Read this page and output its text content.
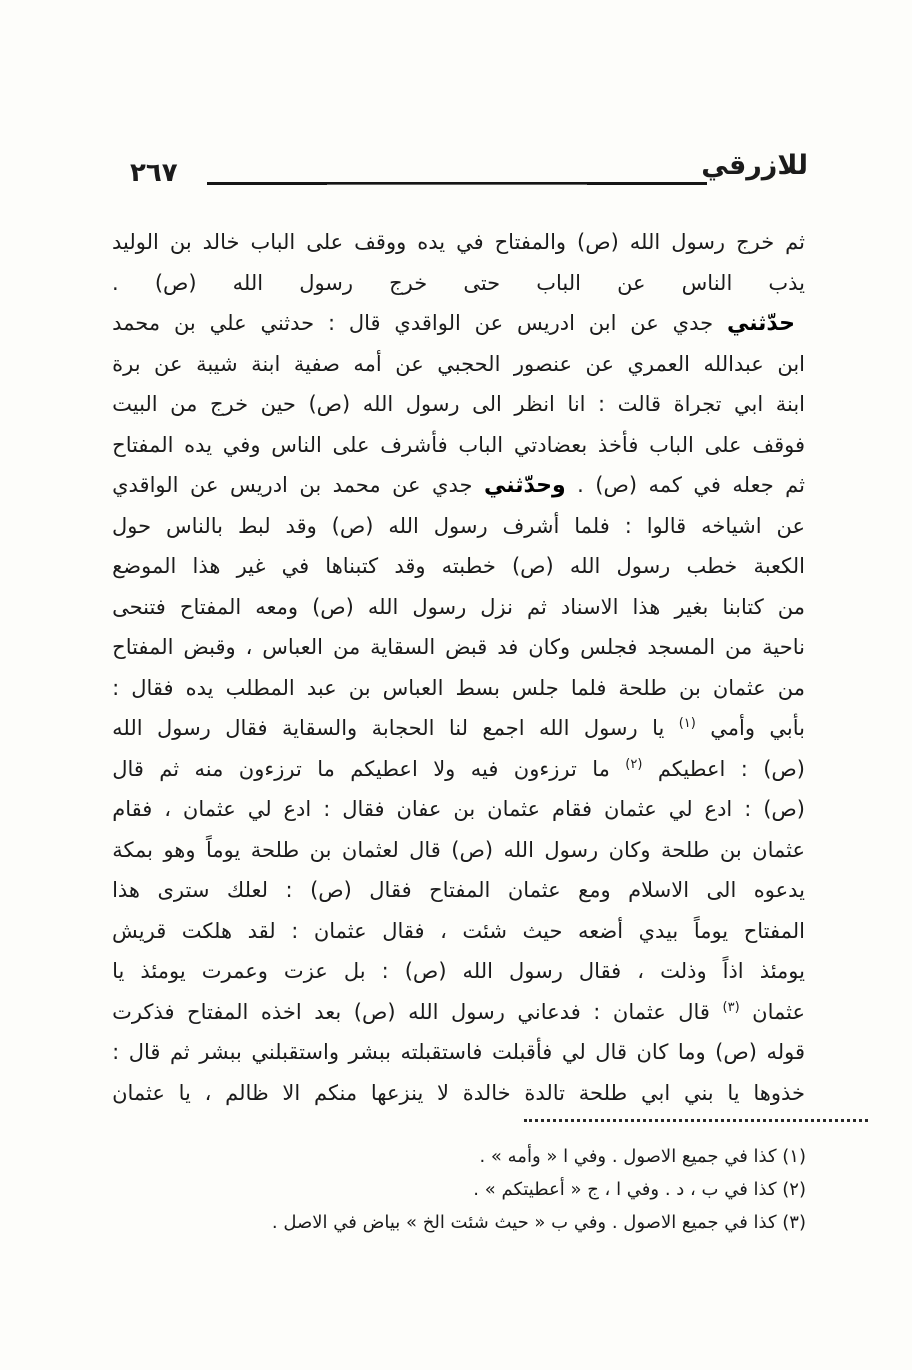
٢٦٧	للازرقي
ثم
خرج
رسول
الله
(ص)
والمفتاح
في
يده
ووقف
على
الباب
خالد
بن
الوليد
يذب
الناس
عن
الباب
حتى
خرج
رسول
الله
(ص)
.
حدّثني
جدي
عن
ابن
ادريس
عن
الواقدي
قال
:
حدثني
علي
بن
محمد
ابن
عبدالله
العمري
عن
عنصور
الحجبي
عن
أمه
صفية
ابنة
شيبة
عن
برة
ابنة
ابي
تجراة
قالت
:
انا
انظر
الى
رسول
الله
(ص)
حين
خرج
من
البيت
فوقف
على
الباب
فأخذ
بعضادتي
الباب
فأشرف
على
الناس
وفي
يده
المفتاح
ثم
جعله
في
كمه
(ص)
.
وحدّثني
جدي
عن
محمد
بن
ادريس
عن
الواقدي
عن
اشياخه
قالوا
:
فلما
أشرف
رسول
الله
(ص)
وقد
لبط
بالناس
حول
الكعبة
خطب
رسول
الله
(ص)
خطبته
وقد
كتبناها
في
غير
هذا
الموضع
من
كتابنا
بغير
هذا
الاسناد
ثم
نزل
رسول
الله
(ص)
ومعه
المفتاح
فتنحى
ناحية
من
المسجد
فجلس
وكان
فد
قبض
السقاية
من
العباس
،
وقبض
المفتاح
من
عثمان
بن
طلحة
فلما
جلس
بسط
العباس
بن
عبد
المطلب
يده
فقال
:
بأبي
وأمي
(١)
يا
رسول
الله
اجمع
لنا
الحجابة
والسقاية
فقال
رسول
الله
(ص)
:
اعطيكم
(٢)
ما
ترزءون
فيه
ولا
اعطيكم
ما
ترزءون
منه
ثم
قال
(ص)
:
ادع
لي
عثمان
فقام
عثمان
بن
عفان
فقال
:
ادع
لي
عثمان
،
فقام
عثمان
بن
طلحة
وكان
رسول
الله
(ص)
قال
لعثمان
بن
طلحة
يوماً
وهو
بمكة
يدعوه
الى
الاسلام
ومع
عثمان
المفتاح
فقال
(ص)
:
لعلك
سترى
هذا
المفتاح
يوماً
بيدي
أضعه
حيث
شئت
،
فقال
عثمان
:
لقد
هلكت
قريش
يومئذ
اذاً
وذلت
،
فقال
رسول
الله
(ص)
:
بل
عزت
وعمرت
يومئذ
يا
عثمان
(٣)
قال
عثمان
:
فدعاني
رسول
الله
(ص)
بعد
اخذه
المفتاح
فذكرت
قوله
(ص)
وما
كان
قال
لي
فأقبلت
فاستقبلته
ببشر
واستقبلني
ببشر
ثم
قال
:
خذوها
يا
بني
ابي
طلحة
تالدة
خالدة
لا
ينزعها
منكم
الا
ظالم
،
يا
عثمان
(١) كذا في جميع الاصول . وفي ا « وأمه » .
(٢) كذا في ب ، د . وفي ا ، ج « أعطيتكم » .
(٣) كذا في جميع الاصول . وفي ب « حيث شئت الخ » بياض في الاصل .
